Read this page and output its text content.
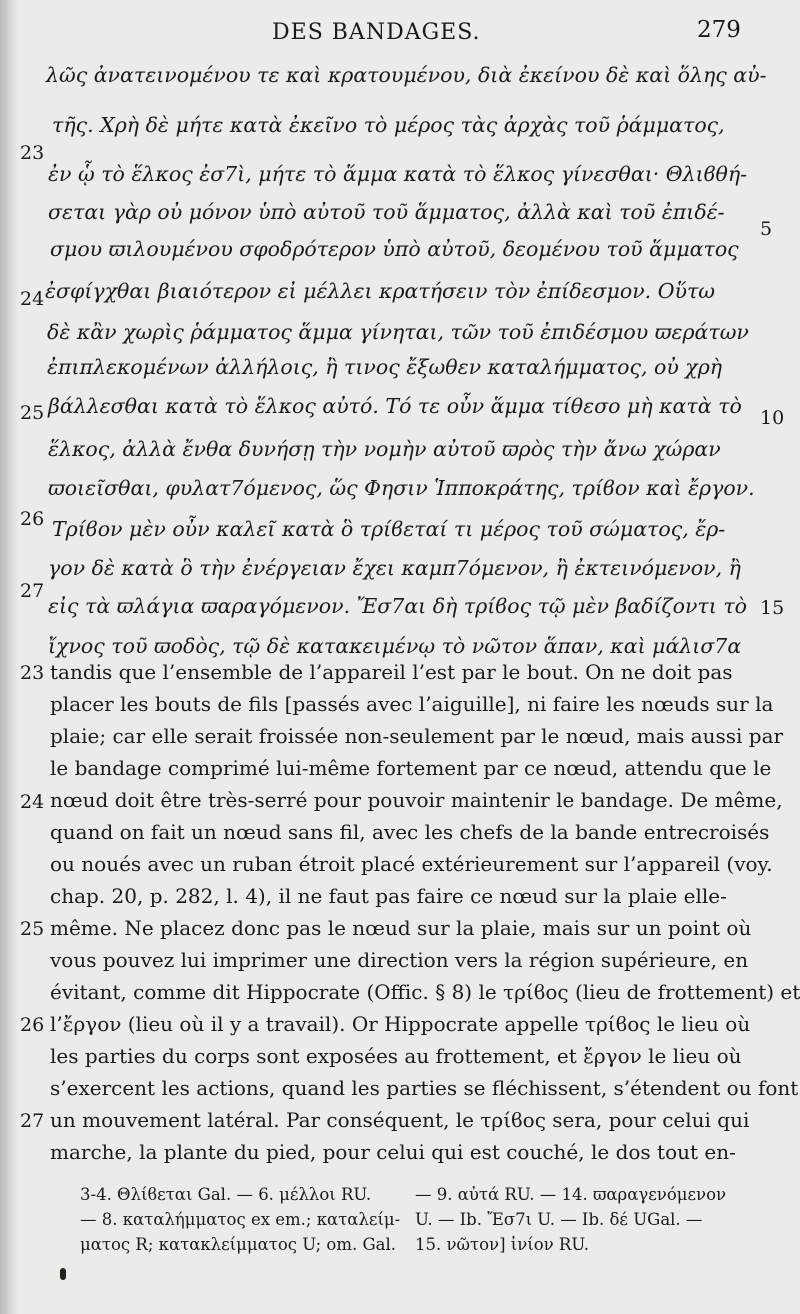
DES BANDAGES.	279
λῶς ἀνατεινομένου τε καὶ κρατουμένου, διὰ ἐκείνου δὲ καὶ ὅλης αὐ-
τῆς. Χρὴ δὲ μήτε κατὰ ἐκεῖνο τὸ μέρος τὰς ἀρχὰς τοῦ ῥάμματος,
ἐν ᾧ τὸ ἕλκος ἐσ7ὶ, μήτε τὸ ἅμμα κατὰ τὸ ἕλκος γίνεσθαι· Θλιϐθή-
σεται γὰρ οὐ μόνον ὑπὸ αὐτοῦ τοῦ ἅμματος, ἀλλὰ καὶ τοῦ ἐπιδέ-
σμου ϖιλουμένου σφοδρότερον ὑπὸ αὐτοῦ, δεομένου τοῦ ἅμματος
ἐσφίγχθαι βιαιότερον εἰ μέλλει κρατήσειν τὸν ἐπίδεσμον. Οὕτω
δὲ κἂν χωρὶς ῥάμματος ἅμμα γίνηται, τῶν τοῦ ἐπιδέσμου ϖεράτων
ἐπιπλεκομένων ἀλλήλοις, ἢ τινος ἔξωθεν καταλήμματος, οὐ χρὴ
βάλλεσθαι κατὰ τὸ ἕλκος αὐτό. Τό τε οὖν ἅμμα τίθεσο μὴ κατὰ τὸ
ἕλκος, ἀλλὰ ἔνθα δυνήσῃ τὴν νομὴν αὐτοῦ ϖρὸς τὴν ἄνω χώραν
ϖοιεῖσθαι, φυλατ7όμενος, ὥς Φησιν Ἱπποκράτης, τρίϐον καὶ ἔργον.
Τρίϐον μὲν οὖν καλεῖ κατὰ ὃ τρίϐεταί τι μέρος τοῦ σώματος, ἔρ-
γον δὲ κατὰ ὃ τὴν ἐνέργειαν ἔχει καμπ7όμενον, ἢ ἐκτεινόμενον, ἢ
εἰς τὰ ϖλάγια ϖαραγόμενον. Ἔσ7αι δὴ τρίϐος τῷ μὲν βαδίζοντι τὸ
ἴχνος τοῦ ϖοδὸς, τῷ δὲ κατακειμένῳ τὸ νῶτον ἅπαν, καὶ μάλισ7α
23
24
25
26
27
5
10
15
tandis que l’ensemble de l’appareil l’est par le bout. On ne doit pas
placer les bouts de fils [passés avec l’aiguille], ni faire les nœuds sur la
plaie; car elle serait froissée non-seulement par le nœud, mais aussi par
le bandage comprimé lui-même fortement par ce nœud, attendu que le
nœud doit être très-serré pour pouvoir maintenir le bandage. De même,
quand on fait un nœud sans fil, avec les chefs de la bande entrecroisés
ou noués avec un ruban étroit placé extérieurement sur l’appareil (voy.
chap. 20, p. 282, l. 4), il ne faut pas faire ce nœud sur la plaie elle-
même. Ne placez donc pas le nœud sur la plaie, mais sur un point où
vous pouvez lui imprimer une direction vers la région supérieure, en
évitant, comme dit Hippocrate (Offic. § 8) le τρίϐος (lieu de frottement) et
l’ἔργον (lieu où il y a travail). Or Hippocrate appelle τρίϐος le lieu où
les parties du corps sont exposées au frottement, et ἔργον le lieu où
s’exercent les actions, quand les parties se fléchissent, s’étendent ou font
un mouvement latéral. Par conséquent, le τρίϐος sera, pour celui qui
marche, la plante du pied, pour celui qui est couché, le dos tout en-
23
24
25
26
27
3-4. Θλίϐεται Gal. — 6. μέλλοι RU.
— 8. καταλήμματος ex em.; καταλείμ-
ματος R; κατακλείμματος U; om. Gal.
— 9. αὐτά RU. — 14. ϖαραγενόμενον
U. — Ib. Ἔσ7ι U. — Ib. δέ UGal. —
15. νῶτον] ἰνίον RU.
